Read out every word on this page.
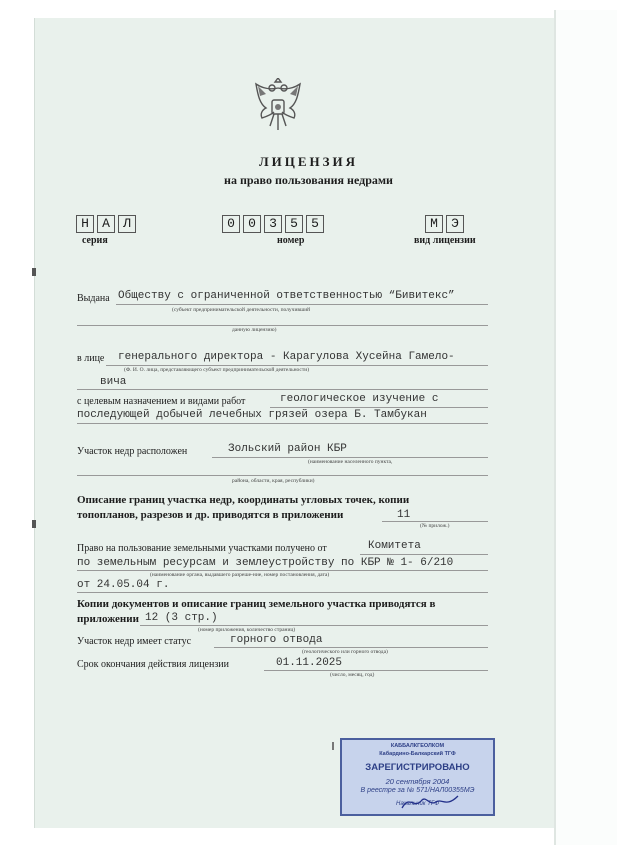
ЛИЦЕНЗИЯ
на право пользования недрами
Н	А	Л
серия
0	0	3	5	5
номер
М	Э
вид лицензии
Выдана Обществу с ограниченной ответственностью “Бивитекс”
(субъект предпринимательской деятельности, получивший
данную лицензию)
в лице генерального директора - Карагулова Хусейна Гамело-
(Ф. И. О. лица, представляющего субъект предпринимательской деятельности)
вича
с целевым назначением и видами работ	геологическое изучение с
последующей добычей лечебных грязей озера Б. Тамбукан
Участок недр расположен	Зольский район КБР
(наименование населенного пункта,
района, области, края, республики)
Описание границ участка недр, координаты угловых точек, копии
топопланов, разрезов и др. приводятся в приложении	11
(№ прилож.)
Право на пользование земельными участками получено от	Комитета
по земельным ресурсам и землеустройству по КБР № 1- 6/210
(наименование органа, выдавшего разреше-ние, номер постановления, дата)
от 24.05.04 г.
Копии документов и описание границ земельного участка приводятся в
приложении 12 (3 стр.)
(номер приложения, количество страниц)
Участок недр имеет статус	горного отвода
(геологического или горного отвода)
Срок окончания действия лицензии	01.11.2025
(число, месяц, год)
КАББАЛКГЕОЛКОМ
Кабардино-Балкарский ТГФ
ЗАРЕГИСТРИРОВАНО
20 сентября 2004
В реестре за № 571/НАЛ00355МЭ
Начальник ТГФ
